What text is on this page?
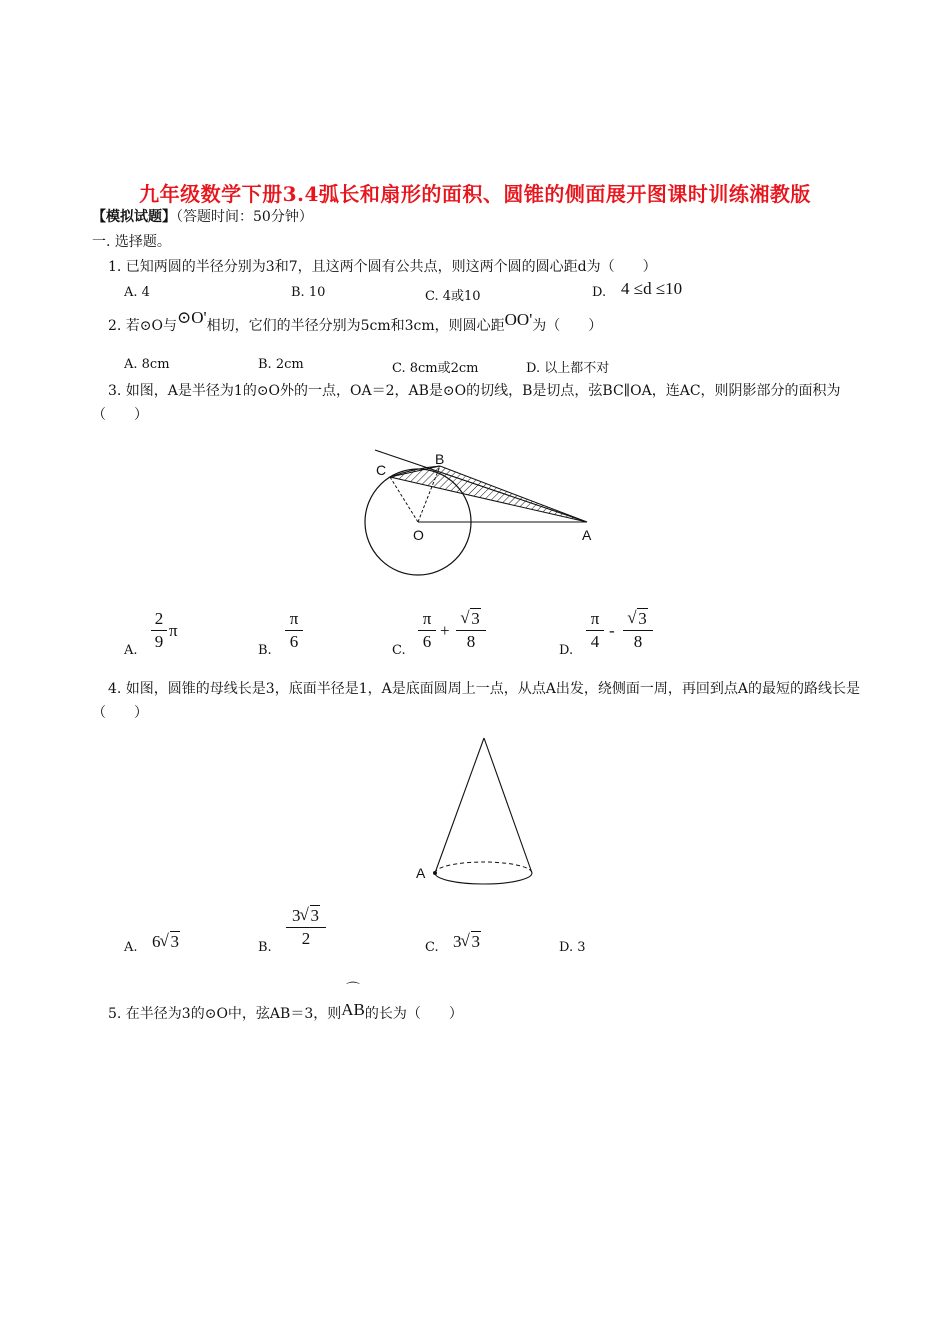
九年级数学下册3.4弧长和扇形的面积、圆锥的侧面展开图课时训练湘教版
【模拟试题】（答题时间：50分钟）
一. 选择题。
1. 已知两圆的半径分别为3和7，且这两个圆有公共点，则这两个圆的圆心距d为（　　）
A. 4	B. 10	C. 4或10	D. 4 ≤d ≤10
2. 若⊙O与⊙O'相切，它们的半径分别为5cm和3cm，则圆心距OO'为（　　）
A. 8cm	B. 2cm	C. 8cm或2cm	D. 以上都不对
3. 如图，A是半径为1的⊙O外的一点，OA＝2，AB是⊙O的切线，B是切点，弦BC∥OA，连AC，则阴影部分的面积为（　　）
C
B
O	A
A.
2
9
π
B.
π
6	C.
π
6
+
√ 3
8	D.
π
4
-
√ 3
8
4. 如图，圆锥的母线长是3，底面半径是1，A是底面圆周上一点，从点A出发，绕侧面一周，再回到点A的最短的路线长是（　　）
A
A. 6 √ 3	B.
3 √ 3
2	C. 3 √ 3	D. 3
5. 在半径为3的⊙O中，弦AB＝3，则
⌒
AB的长为（　　）
